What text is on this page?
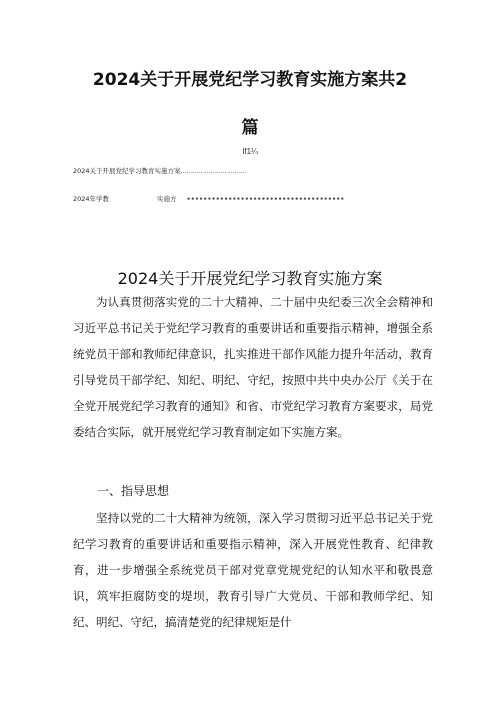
2024关于开展党纪学习教育实施方案共2
篇
If1¼
2024关于开展党纪学习教育实施方案……………………………
2024年学教	实施方 ••••••••••••••••••••••••••••••••••••••
2024关于开展党纪学习教育实施方案

为认真贯彻落实党的二十大精神、二十届中央纪委三次全会精神和习近平总书记关于党纪学习教育的重要讲话和重要指示精神，增强全系统党员干部和教师纪律意识，扎实推进干部作风能力提升年活动，教育引导党员干部学纪、知纪、明纪、守纪，按照中共中央办公厅《关于在全党开展党纪学习教育的通知》和省、市党纪学习教育方案要求，局党委结合实际，就开展党纪学习教育制定如下实施方案。

一、指导思想

坚持以党的二十大精神为统领，深入学习贯彻习近平总书记关于党纪学习教育的重要讲话和重要指示精神，深入开展党性教育、纪律教育，进一步增强全系统党员干部对党章党规党纪的认知水平和敬畏意识，筑牢拒腐防变的堤坝，教育引导广大党员、干部和教师学纪、知纪、明纪、守纪，搞清楚党的纪律规矩是什
